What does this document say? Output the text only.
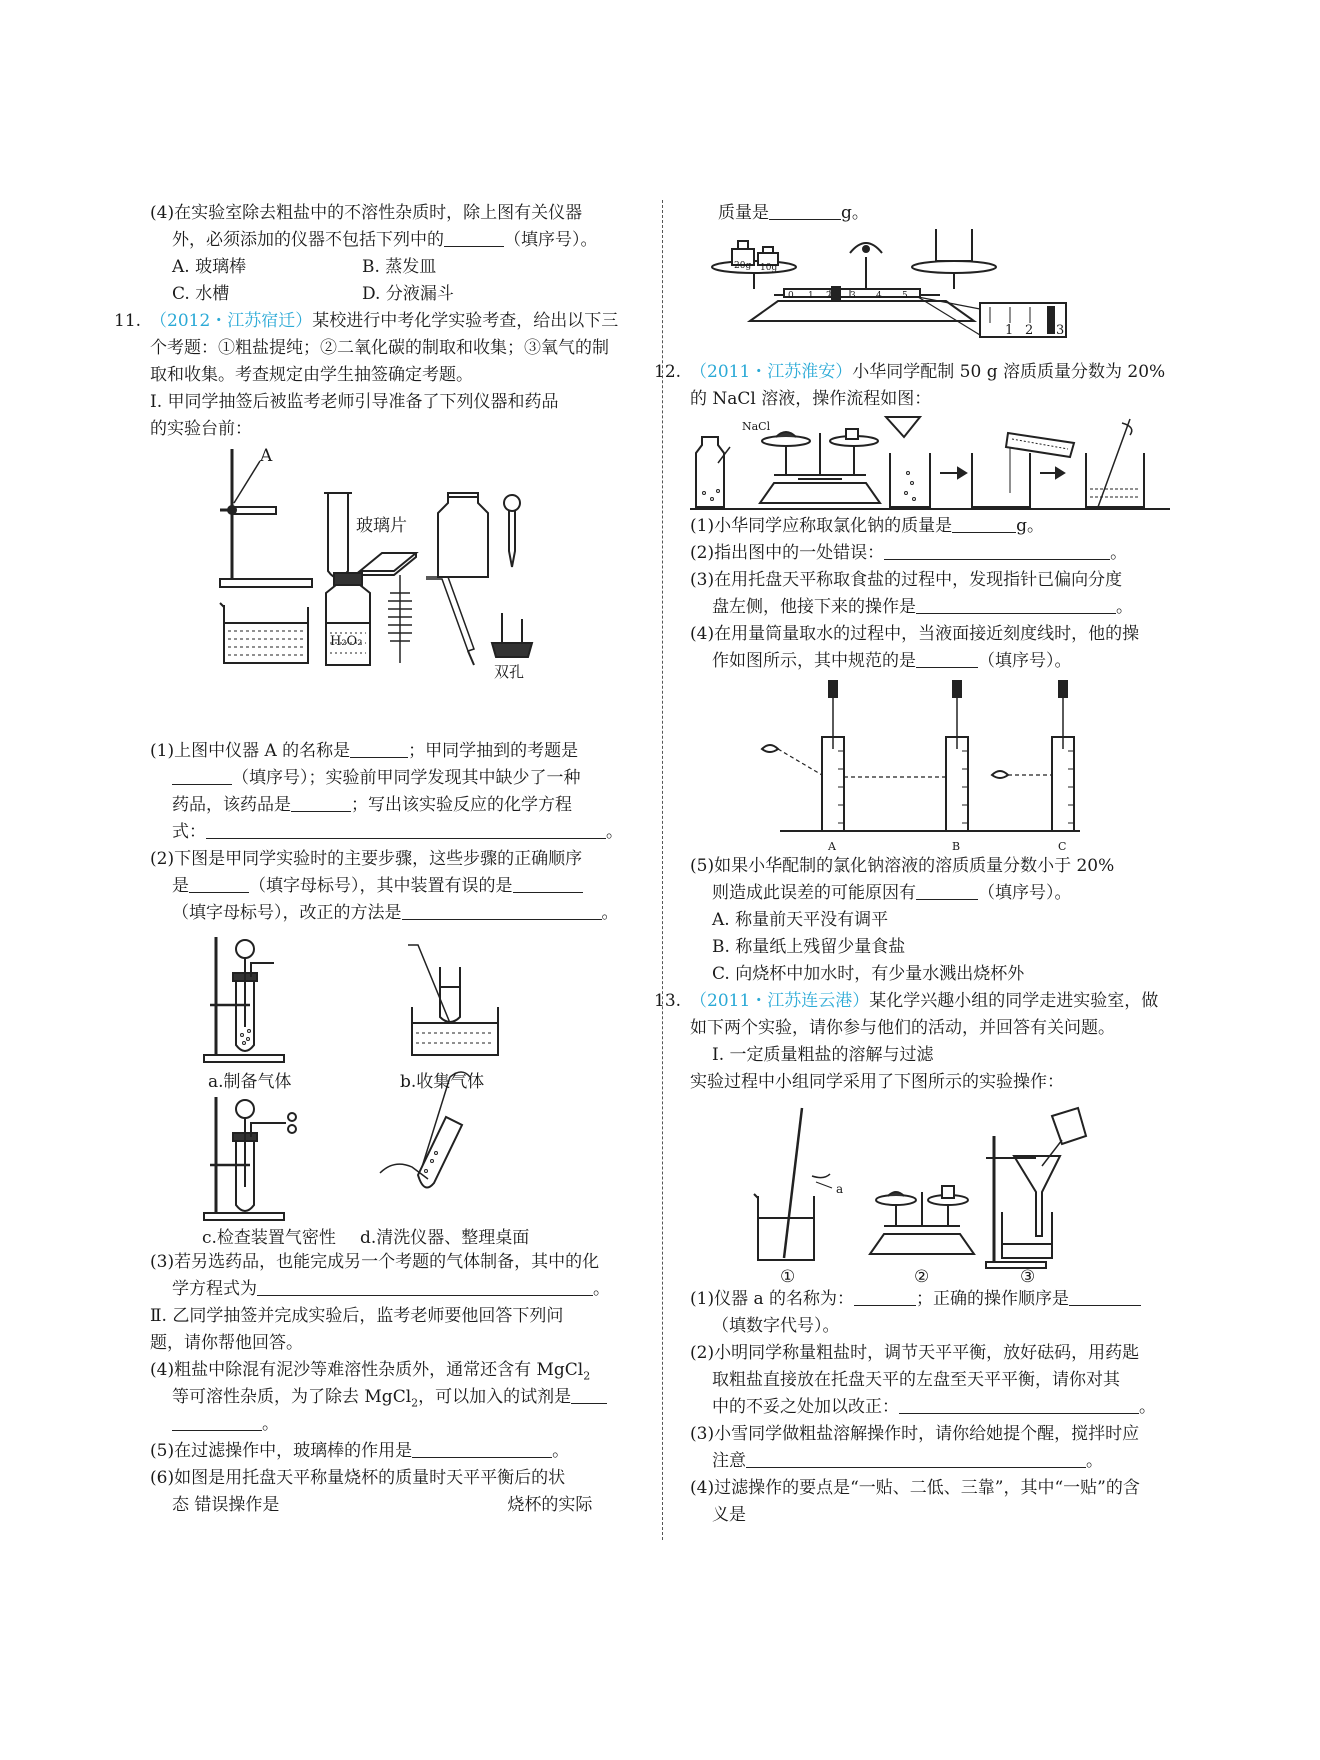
(4)在实验室除去粗盐中的不溶性杂质时，除上图有关仪器
外，必须添加的仪器不包括下列中的	（填序号）。
A. 玻璃棒	B. 蒸发皿
C. 水槽	D. 分液漏斗
11. （2012・江苏宿迁）某校进行中考化学实验考查，给出以下三
个考题：①粗盐提纯；②二氧化碳的制取和收集；③氧气的制
取和收集。考查规定由学生抽签确定考题。
Ⅰ. 甲同学抽签后被监考老师引导准备了下列仪器和药品
的实验台前：
A
玻璃片
H₂O₂
双孔
(1)上图中仪器 A 的名称是	；甲同学抽到的考题是
（填序号）；实验前甲同学发现其中缺少了一种
药品，该药品是	；写出该实验反应的化学方程
式：	。
(2)下图是甲同学实验时的主要步骤，这些步骤的正确顺序
是	（填字母标号），其中装置有误的是
（填字母标号），改正的方法是	。
a.制备气体	b.收集气体
c.检查装置气密性 d.清洗仪器、整理桌面
(3)若另选药品，也能完成另一个考题的气体制备，其中的化
学方程式为	。
Ⅱ. 乙同学抽签并完成实验后，监考老师要他回答下列问
题，请你帮他回答。
(4)粗盐中除混有泥沙等难溶性杂质外，通常还含有 MgCl$_2$
等可溶性杂质，为了除去 MgCl$_2$，可以加入的试剂是
。
(5)在过滤操作中，玻璃棒的作用是	。
(6)如图是用托盘天平称量烧杯的质量时天平平衡后的状
态 错误操作是	烧杯的实际
质量是	g。
20g 10g
0 1 2 3 4 5
1 2 3
12. （2011・江苏淮安）小华同学配制 50 g 溶质质量分数为 20%
的 NaCl 溶液，操作流程如图：
NaCl
(1)小华同学应称取氯化钠的质量是	g。
(2)指出图中的一处错误：	。
(3)在用托盘天平称取食盐的过程中，发现指针已偏向分度
盘左侧，他接下来的操作是	。
(4)在用量筒量取水的过程中，当液面接近刻度线时，他的操
作如图所示，其中规范的是	（填序号）。
A	B	C
(5)如果小华配制的氯化钠溶液的溶质质量分数小于 20%
则造成此误差的可能原因有	（填序号）。
A. 称量前天平没有调平
B. 称量纸上残留少量食盐
C. 向烧杯中加水时，有少量水溅出烧杯外
13. （2011・江苏连云港）某化学兴趣小组的同学走进实验室，做
如下两个实验，请你参与他们的活动，并回答有关问题。
Ⅰ. 一定质量粗盐的溶解与过滤
实验过程中小组同学采用了下图所示的实验操作：
a
①	②	③
(1)仪器 a 的名称为：	；正确的操作顺序是
（填数字代号）。
(2)小明同学称量粗盐时，调节天平平衡，放好砝码，用药匙
取粗盐直接放在托盘天平的左盘至天平平衡，请你对其
中的不妥之处加以改正：	。
(3)小雪同学做粗盐溶解操作时，请你给她提个醒，搅拌时应
注意	。
(4)过滤操作的要点是“一贴、二低、三靠”，其中“一贴”的含
义是
